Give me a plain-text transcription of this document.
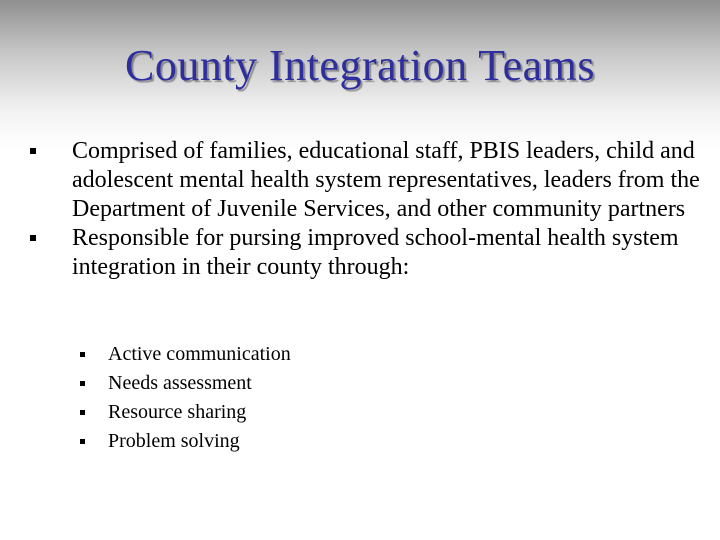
County Integration Teams
Comprised of families, educational staff, PBIS leaders, child and adolescent mental health system representatives, leaders from the Department of Juvenile Services, and other community partners
Responsible for pursing improved school-mental health system integration in their county through:
Active communication
Needs assessment
Resource sharing
Problem solving
